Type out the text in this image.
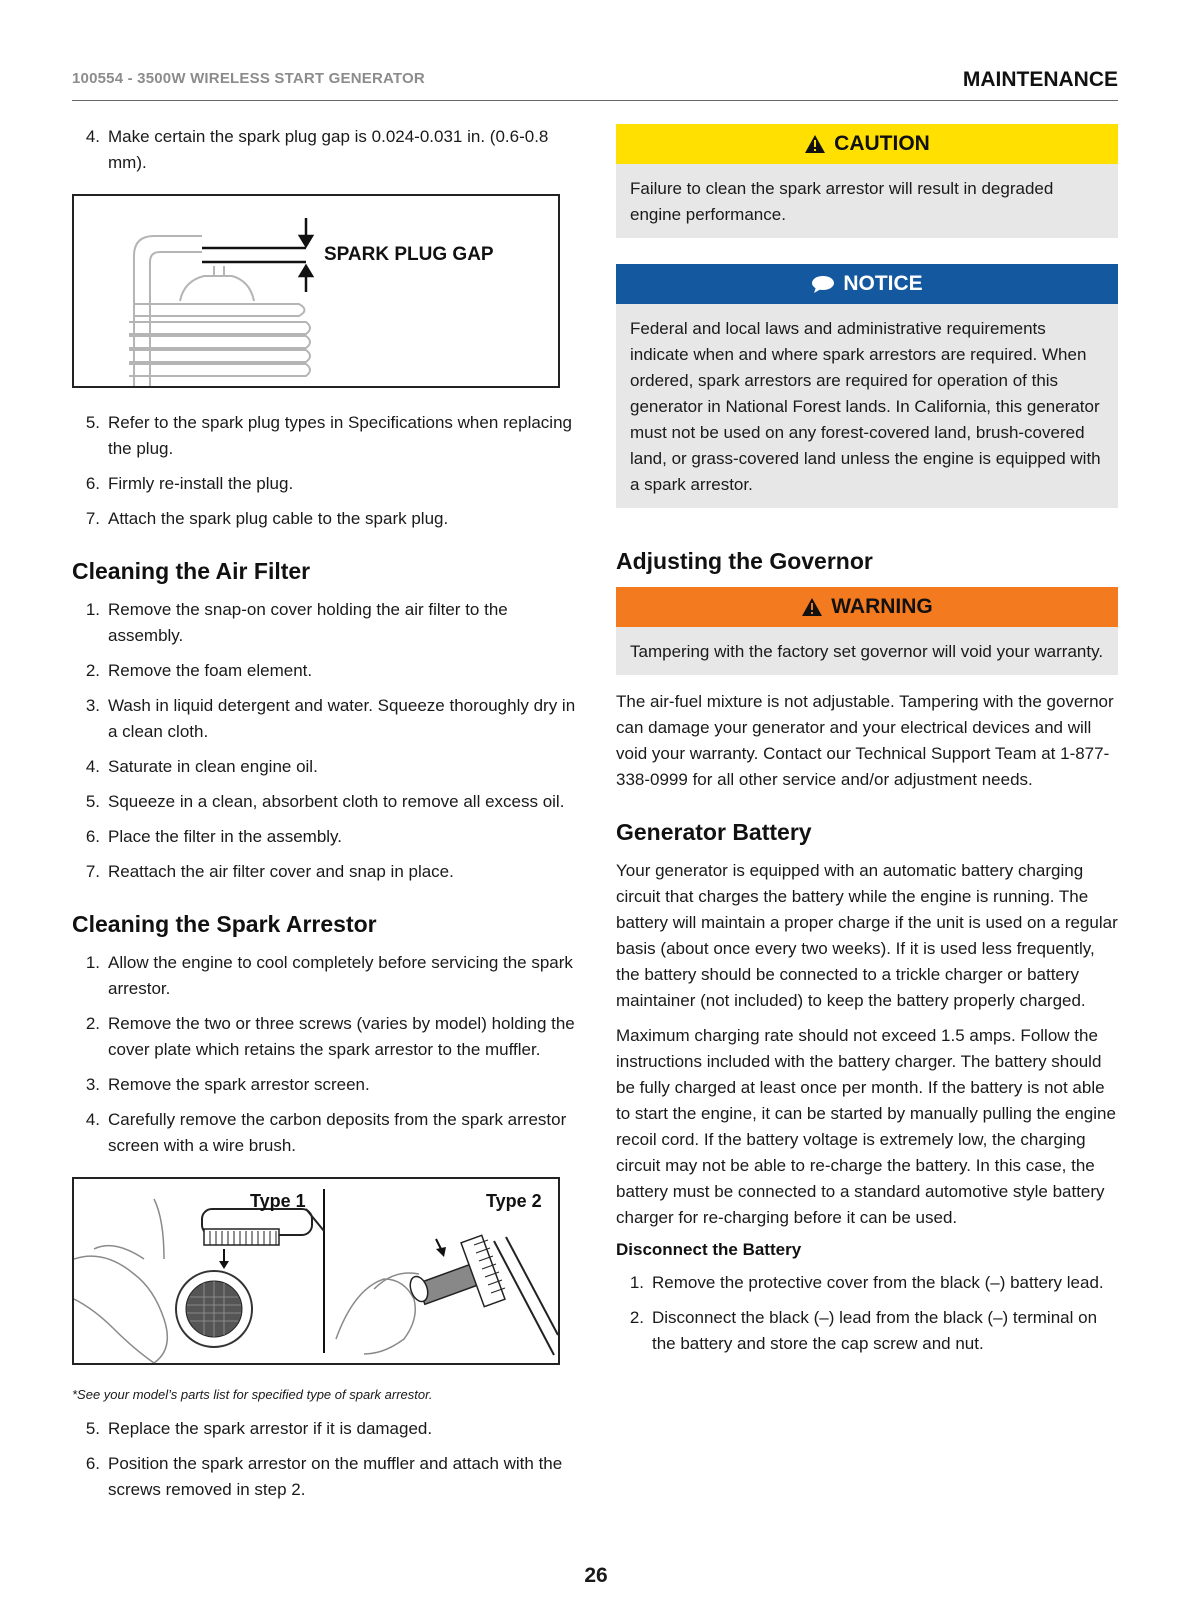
100554 - 3500W WIRELESS START GENERATOR	MAINTENANCE
4. Make certain the spark plug gap is 0.024-0.031 in. (0.6-0.8 mm).
SPARK PLUG GAP
5. Refer to the spark plug types in Specifications when replacing the plug.
6. Firmly re-install the plug.
7. Attach the spark plug cable to the spark plug.
Cleaning the Air Filter
1. Remove the snap-on cover holding the air filter to the assembly.
2. Remove the foam element.
3. Wash in liquid detergent and water. Squeeze thoroughly dry in a clean cloth.
4. Saturate in clean engine oil.
5. Squeeze in a clean, absorbent cloth to remove all excess oil.
6. Place the filter in the assembly.
7. Reattach the air filter cover and snap in place.
Cleaning the Spark Arrestor
1. Allow the engine to cool completely before servicing the spark arrestor.
2. Remove the two or three screws (varies by model) holding the cover plate which retains the spark arrestor to the muffler.
3. Remove the spark arrestor screen.
4. Carefully remove the carbon deposits from the spark arrestor screen with a wire brush.
Type 1	Type 2
*See your model’s parts list for specified type of spark arrestor.
5. Replace the spark arrestor if it is damaged.
6. Position the spark arrestor on the muffler and attach with the screws removed in step 2.
CAUTION
Failure to clean the spark arrestor will result in degraded engine performance.
NOTICE
Federal and local laws and administrative requirements indicate when and where spark arrestors are required. When ordered, spark arrestors are required for operation of this generator in National Forest lands. In California, this generator must not be used on any forest-covered land, brush-covered land, or grass-covered land unless the engine is equipped with a spark arrestor.
Adjusting the Governor
WARNING
Tampering with the factory set governor will void your warranty.

The air-fuel mixture is not adjustable. Tampering with the governor can damage your generator and your electrical devices and will void your warranty. Contact our Technical Support Team at 1-877-338-0999 for all other service and/or adjustment needs.

Generator Battery

Your generator is equipped with an automatic battery charging circuit that charges the battery while the engine is running. The battery will maintain a proper charge if the unit is used on a regular basis (about once every two weeks). If it is used less frequently, the battery should be connected to a trickle charger or battery maintainer (not included) to keep the battery properly charged.

Maximum charging rate should not exceed 1.5 amps. Follow the instructions included with the battery charger. The battery should be fully charged at least once per month. If the battery is not able to start the engine, it can be started by manually pulling the engine recoil cord. If the battery voltage is extremely low, the charging circuit may not be able to re-charge the battery. In this case, the battery must be connected to a standard automotive style battery charger for re-charging before it can be used.

Disconnect the Battery
1. Remove the protective cover from the black (–) battery lead.
2. Disconnect the black (–) lead from the black (–) terminal on the battery and store the cap screw and nut.
26
